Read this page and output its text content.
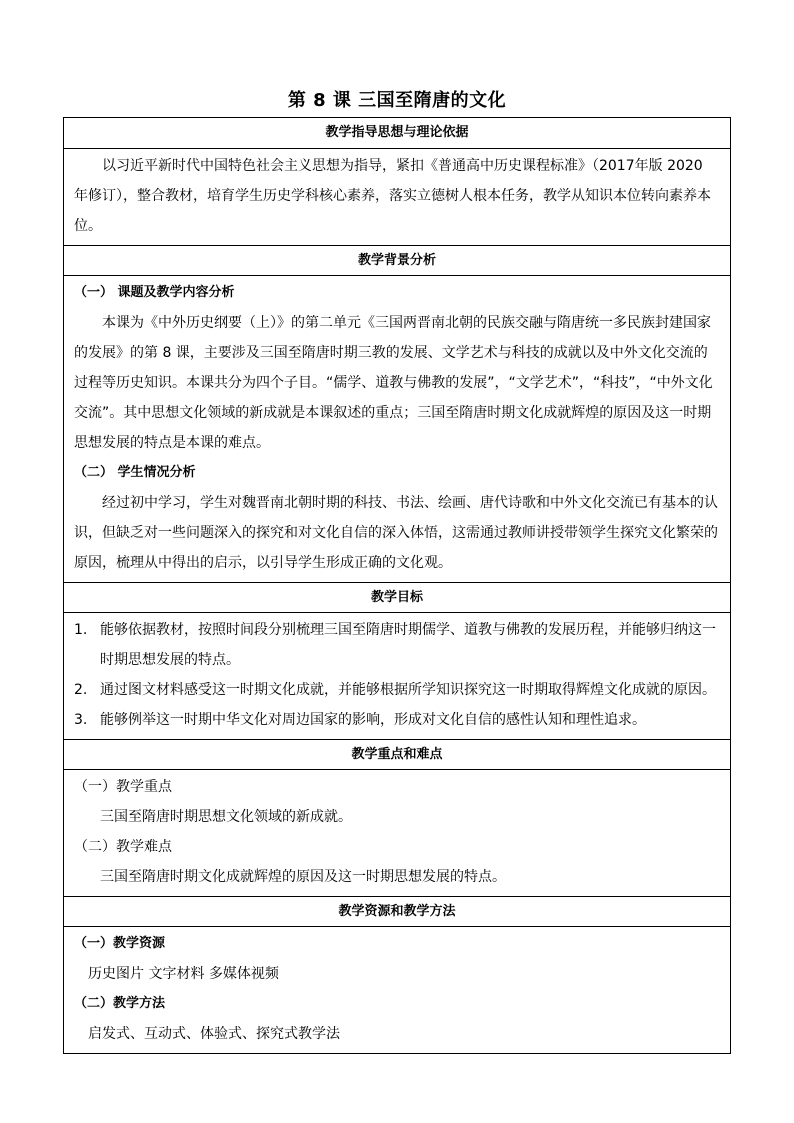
第 8 课 三国至隋唐的文化
教学指导思想与理论依据

以习近平新时代中国特色社会主义思想为指导，紧扣《普通高中历史课程标准》（2017年版 2020 年修订），整合教材，培育学生历史学科核心素养，落实立德树人根本任务，教学从知识本位转向素养本位。

教学背景分析

（一） 课题及教学内容分析

本课为《中外历史纲要（上）》的第二单元《三国两晋南北朝的民族交融与隋唐统一多民族封建国家的发展》的第 8 课，主要涉及三国至隋唐时期三教的发展、文学艺术与科技的成就以及中外文化交流的过程等历史知识。本课共分为四个子目。“儒学、道教与佛教的发展”，“文学艺术”，“科技”，“中外文化交流”。其中思想文化领域的新成就是本课叙述的重点；三国至隋唐时期文化成就辉煌的原因及这一时期思想发展的特点是本课的难点。

（二） 学生情况分析

经过初中学习，学生对魏晋南北朝时期的科技、书法、绘画、唐代诗歌和中外文化交流已有基本的认识，但缺乏对一些问题深入的探究和对文化自信的深入体悟，这需通过教师讲授带领学生探究文化繁荣的原因，梳理从中得出的启示，以引导学生形成正确的文化观。

教学目标
1. 能够依据教材，按照时间段分别梳理三国至隋唐时期儒学、道教与佛教的发展历程，并能够归纳这一时期思想发展的特点。
2. 通过图文材料感受这一时期文化成就，并能够根据所学知识探究这一时期取得辉煌文化成就的原因。
3. 能够例举这一时期中华文化对周边国家的影响，形成对文化自信的感性认知和理性追求。
教学重点和难点

（一）教学重点

三国至隋唐时期思想文化领域的新成就。

（二）教学难点

三国至隋唐时期文化成就辉煌的原因及这一时期思想发展的特点。

教学资源和教学方法

（一）教学资源

历史图片 文字材料 多媒体视频

（二）教学方法

启发式、互动式、体验式、探究式教学法
